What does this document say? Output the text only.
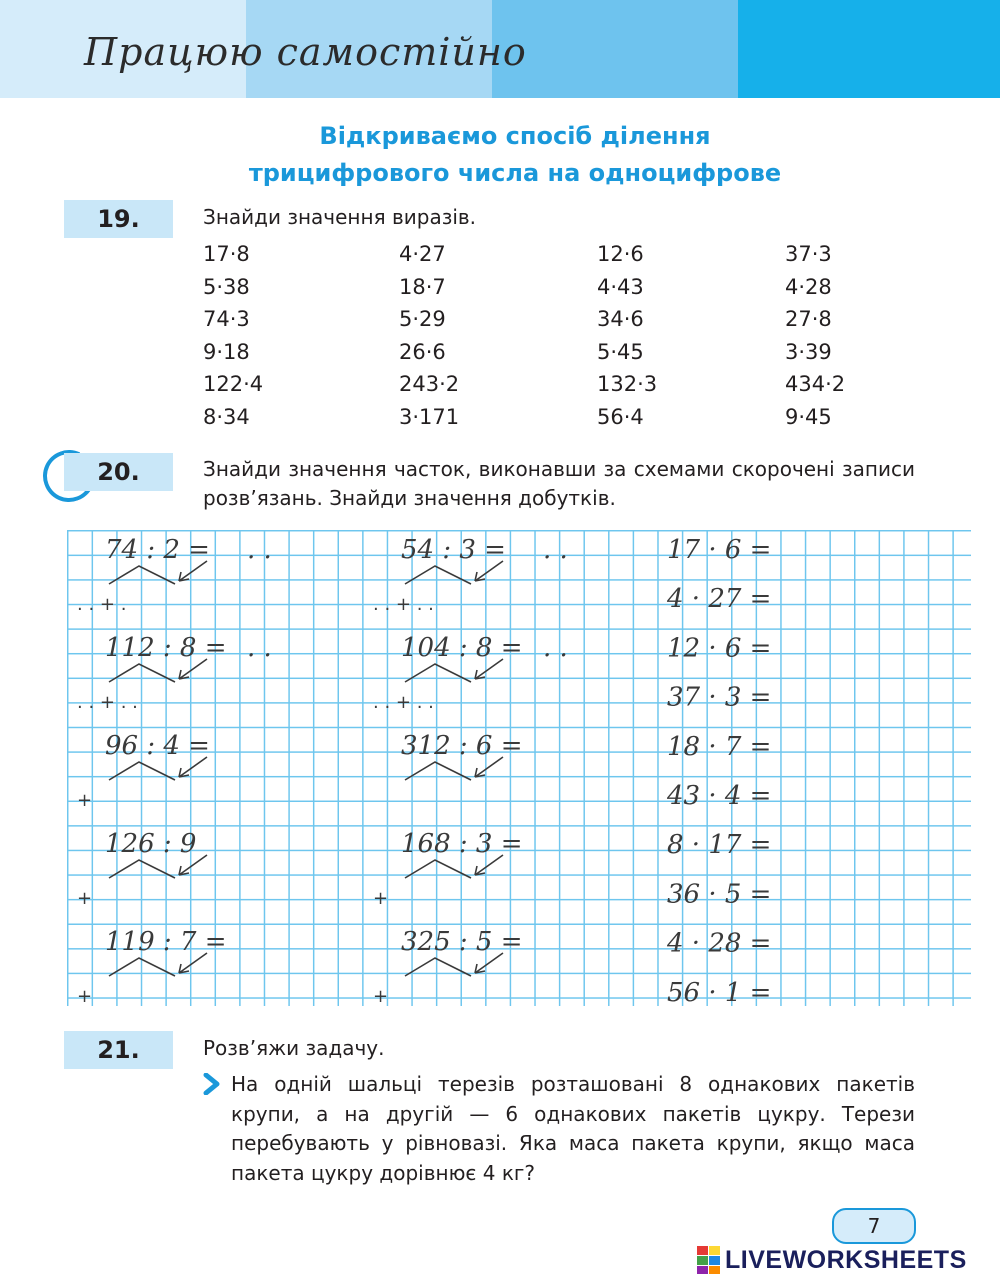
Працюю самостійно
Відкриваємо спосіб ділення
трицифрового числа на одноцифрове
19.	Знайди значення виразів.
17·8	4·27	12·6	37·3
5·38	18·7	4·43	4·28
74·3	5·29	34·6	27·8
9·18	26·6	5·45	3·39
122·4	243·2	132·3	434·2
8·34	3·171	56·4	9·45
20.	Знайди значення часток, виконавши за схемами скорочені записи розв’язань. Знайди значення добутків.
74 : 2 = . .
. . + .
112 : 8 = . .
. . + . .
96 : 4 =
+
126 : 9
+
119 : 7 =
+
54 : 3 = . .
. . + . .
104 : 8 = . .
. . + . .
312 : 6 =
168 : 3 =
+
325 : 5 =
+
17 · 6 =
4 · 27 =
12 · 6 =
37 · 3 =
18 · 7 =
43 · 4 =
8 · 17 =
36 · 5 =
4 · 28 =
56 · 1 =
21.	Розв’яжи задачу.
На одній шальці терезів розташовані 8 однакових пакетів крупи, а на другій — 6 однакових пакетів цукру. Терези перебувають у рівновазі. Яка маса пакета крупи, якщо маса пакета цукру дорівнює 4 кг?
7
LIVEWORKSHEETS
